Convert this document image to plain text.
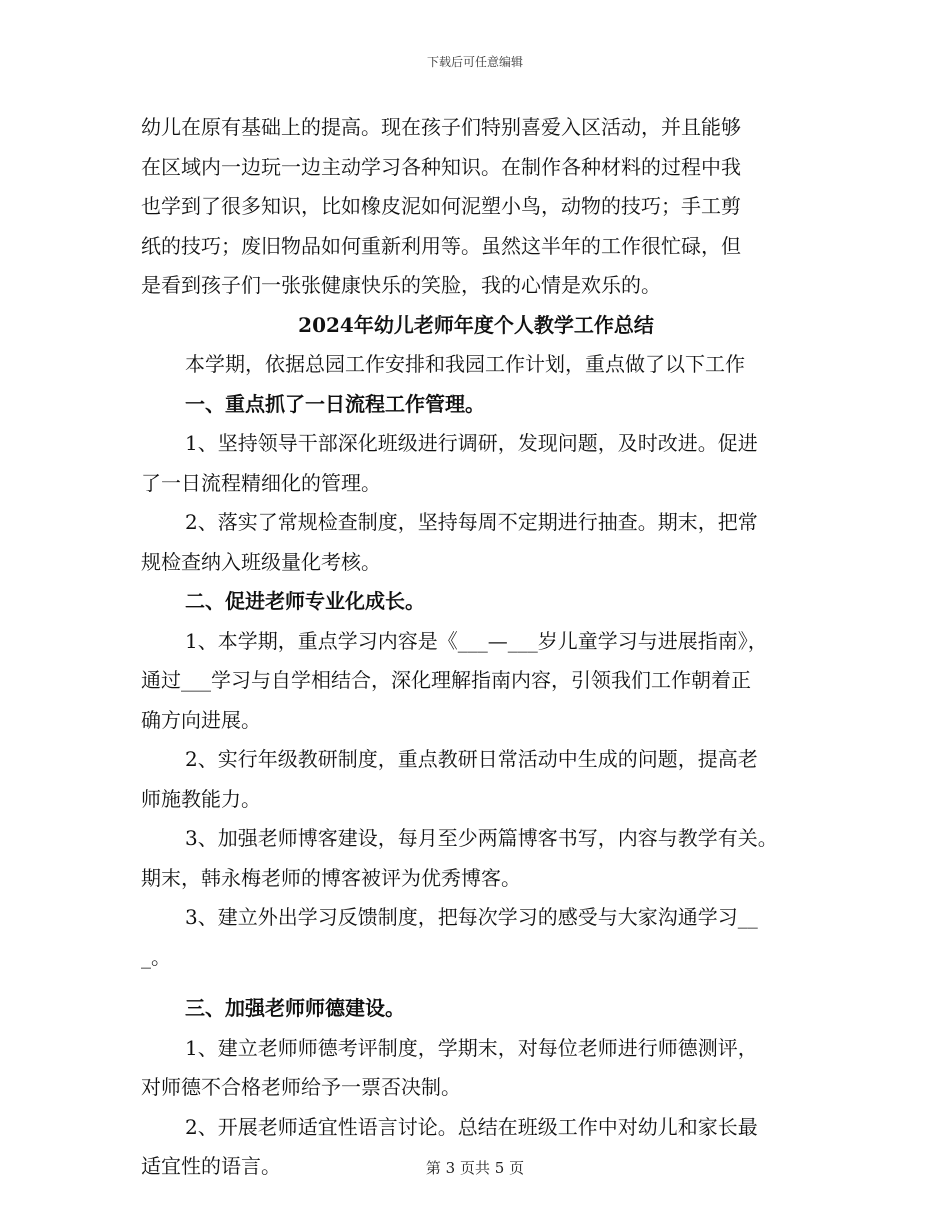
下载后可任意编辑
幼儿在原有基础上的提高。现在孩子们特别喜爱入区活动，并且能够
在区域内一边玩一边主动学习各种知识。在制作各种材料的过程中我
也学到了很多知识，比如橡皮泥如何泥塑小鸟，动物的技巧；手工剪
纸的技巧；废旧物品如何重新利用等。虽然这半年的工作很忙碌，但
是看到孩子们一张张健康快乐的笑脸，我的心情是欢乐的。
2024年幼儿老师年度个人教学工作总结
本学期，依据总园工作安排和我园工作计划，重点做了以下工作
一、重点抓了一日流程工作管理。
1、坚持领导干部深化班级进行调研，发现问题，及时改进。促进
了一日流程精细化的管理。
2、落实了常规检查制度，坚持每周不定期进行抽查。期末，把常
规检查纳入班级量化考核。
二、促进老师专业化成长。
1、本学期，重点学习内容是《___—___岁儿童学习与进展指南》，
通过___学习与自学相结合，深化理解指南内容，引领我们工作朝着正
确方向进展。
2、实行年级教研制度，重点教研日常活动中生成的问题，提高老
师施教能力。
3、加强老师博客建设，每月至少两篇博客书写，内容与教学有关。
期末，韩永梅老师的博客被评为优秀博客。
3、建立外出学习反馈制度，把每次学习的感受与大家沟通学习__
_。
三、加强老师师德建设。
1、建立老师师德考评制度，学期末，对每位老师进行师德测评，
对师德不合格老师给予一票否决制。
2、开展老师适宜性语言讨论。总结在班级工作中对幼儿和家长最
适宜性的语言。	第 3 页共 5 页
